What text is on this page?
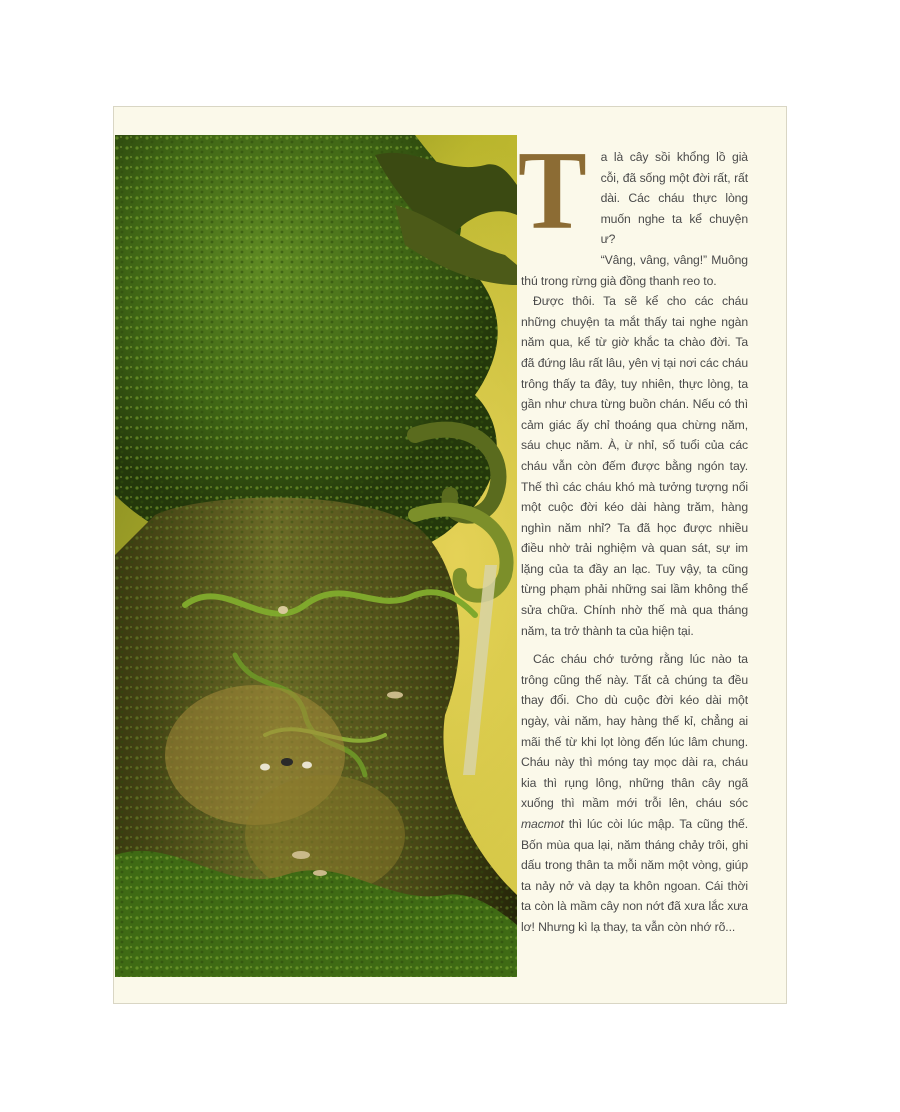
T a là cây sồi khổng lồ già cỗi, đã sống một đời rất, rất dài. Các cháu thực lòng muốn nghe ta kể chuyện ư?

“Vâng, vâng, vâng!” Muông thú trong rừng già đồng thanh reo to.

Được thôi. Ta sẽ kể cho các cháu những chuyện ta mắt thấy tai nghe ngàn năm qua, kể từ giờ khắc ta chào đời. Ta đã đứng lâu rất lâu, yên vị tại nơi các cháu trông thấy ta đây, tuy nhiên, thực lòng, ta gần như chưa từng buồn chán. Nếu có thì cảm giác ấy chỉ thoáng qua chừng năm, sáu chục năm. À, ừ nhỉ, số tuổi của các cháu vẫn còn đếm được bằng ngón tay. Thế thì các cháu khó mà tưởng tượng nổi một cuộc đời kéo dài hàng trăm, hàng nghìn năm nhỉ? Ta đã học được nhiều điều nhờ trải nghiệm và quan sát, sự im lặng của ta đầy an lạc. Tuy vậy, ta cũng từng phạm phải những sai lầm không thể sửa chữa. Chính nhờ thế mà qua tháng năm, ta trở thành ta của hiện tại.

Các cháu chớ tưởng rằng lúc nào ta trông cũng thế này. Tất cả chúng ta đều thay đổi. Cho dù cuộc đời kéo dài một ngày, vài năm, hay hàng thế kỉ, chẳng ai mãi thế từ khi lọt lòng đến lúc lâm chung. Cháu này thì móng tay mọc dài ra, cháu kia thì rụng lông, những thân cây ngã xuống thì mầm mới trỗi lên, cháu sóc macmot thì lúc còi lúc mập. Ta cũng thế. Bốn mùa qua lại, năm tháng chảy trôi, ghi dấu trong thân ta mỗi năm một vòng, giúp ta nảy nở và dạy ta khôn ngoan. Cái thời ta còn là mầm cây non nớt đã xưa lắc xưa lơ! Nhưng kì lạ thay, ta vẫn còn nhớ rõ...
